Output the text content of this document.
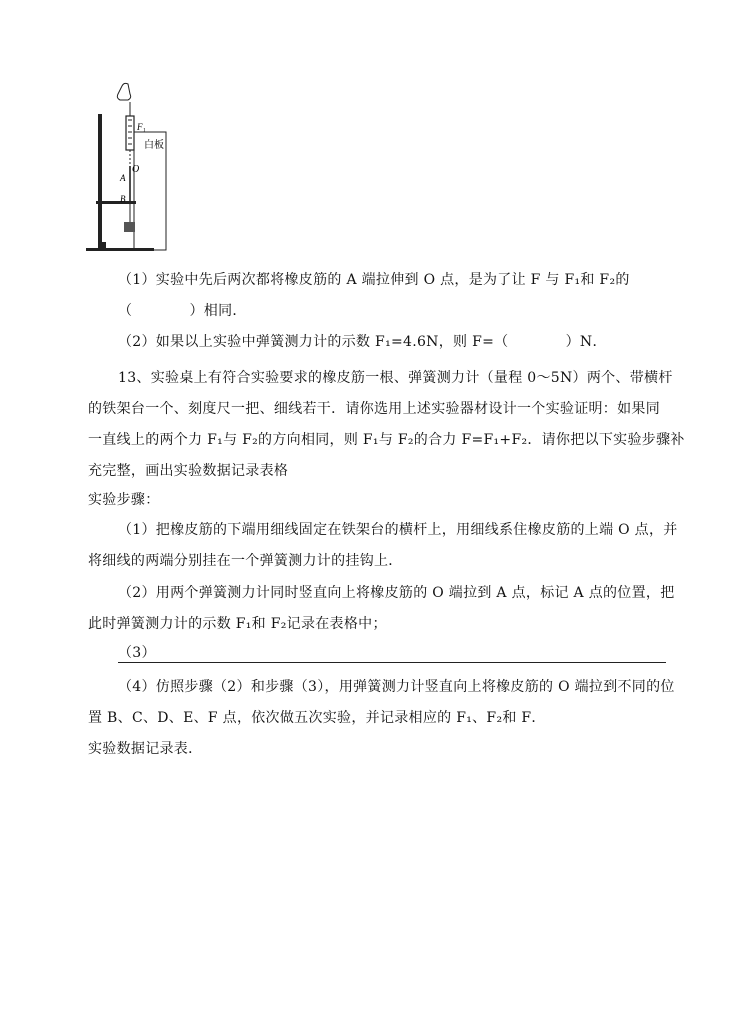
F₁
白板
O
A
B
（1）实验中先后两次都将橡皮筋的 A 端拉伸到 O 点，是为了让 F 与 F₁和 F₂的
（　　　　）相同．
（2）如果以上实验中弹簧测力计的示数 F₁=4.6N，则 F=（　　　　）N．
13、实验桌上有符合实验要求的橡皮筋一根、弹簧测力计（量程 0～5N）两个、带横杆
的铁架台一个、刻度尺一把、细线若干．请你选用上述实验器材设计一个实验证明：如果同
一直线上的两个力 F₁与 F₂的方向相同，则 F₁与 F₂的合力 F=F₁+F₂．请你把以下实验步骤补
充完整，画出实验数据记录表格
实验步骤：
（1）把橡皮筋的下端用细线固定在铁架台的横杆上，用细线系住橡皮筋的上端 O 点，并
将细线的两端分别挂在一个弹簧测力计的挂钩上．
（2）用两个弹簧测力计同时竖直向上将橡皮筋的 O 端拉到 A 点，标记 A 点的位置，把
此时弹簧测力计的示数 F₁和 F₂记录在表格中；
（3）
（4）仿照步骤（2）和步骤（3），用弹簧测力计竖直向上将橡皮筋的 O 端拉到不同的位
置 B、C、D、E、F 点，依次做五次实验，并记录相应的 F₁、F₂和 F．
实验数据记录表．
